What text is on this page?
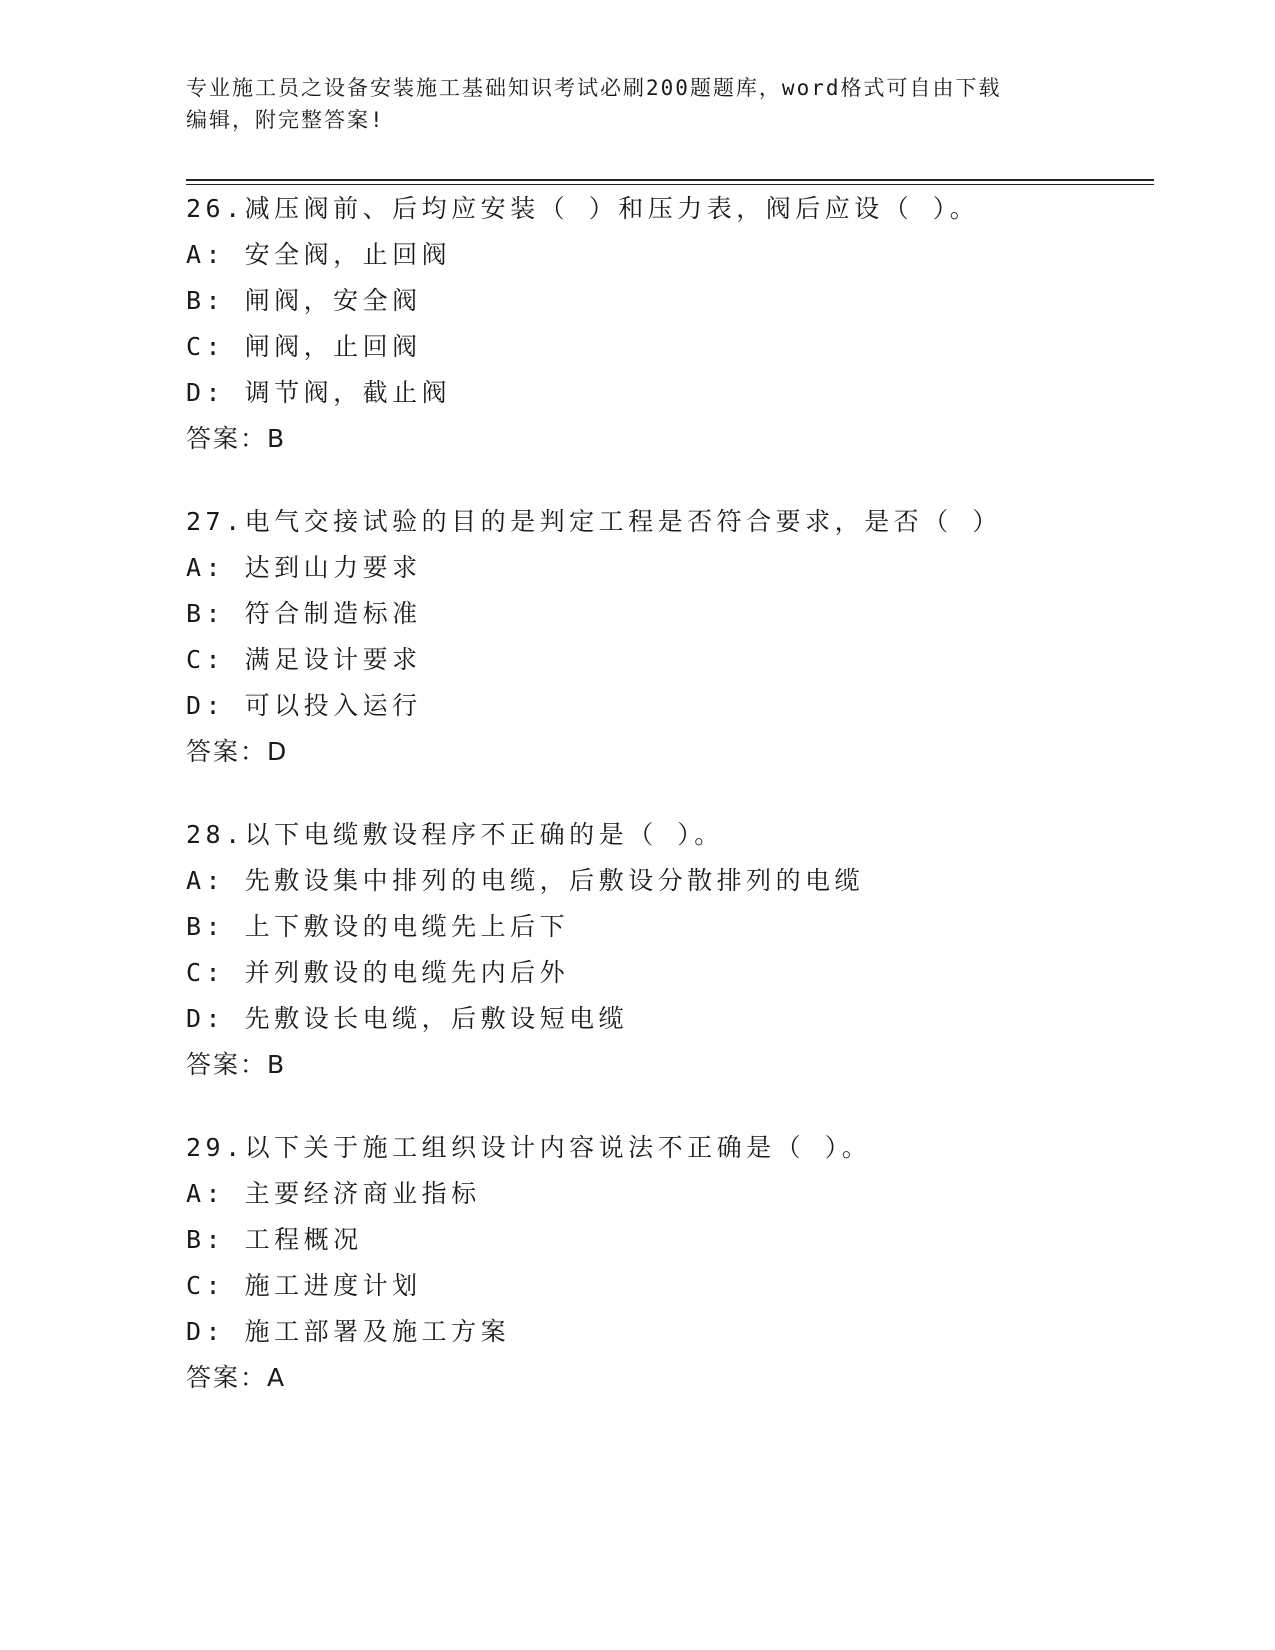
专业施工员之设备安装施工基础知识考试必刷200题题库，word格式可自由下载
编辑，附完整答案!
26.减压阀前、后均应安装（ ）和压力表，阀后应设（ ）。
A: 安全阀，止回阀
B: 闸阀，安全阀
C: 闸阀，止回阀
D: 调节阀，截止阀
答案：B
27.电气交接试验的目的是判定工程是否符合要求，是否（ ）
A: 达到山力要求
B: 符合制造标准
C: 满足设计要求
D: 可以投入运行
答案：D
28.以下电缆敷设程序不正确的是（ ）。
A: 先敷设集中排列的电缆，后敷设分散排列的电缆
B: 上下敷设的电缆先上后下
C: 并列敷设的电缆先内后外
D: 先敷设长电缆，后敷设短电缆
答案：B
29.以下关于施工组织设计内容说法不正确是（ ）。
A: 主要经济商业指标
B: 工程概况
C: 施工进度计划
D: 施工部署及施工方案
答案：A
